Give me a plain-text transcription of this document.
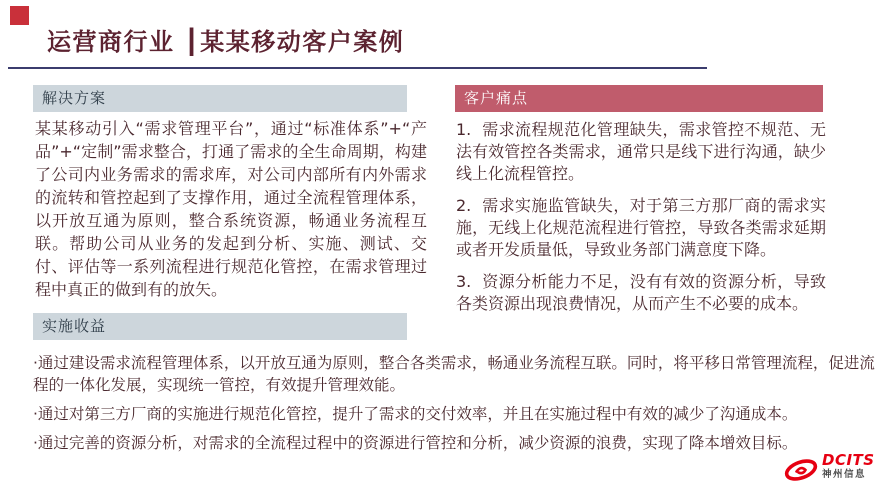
运营商行业 ┃某某移动客户案例
解决方案

某某移动引入“需求管理平台”，通过“标准体系”+“产品”+“定制”需求整合，打通了需求的全生命周期，构建了公司内业务需求的需求库，对公司内部所有内外需求的流转和管控起到了支撑作用，通过全流程管理体系，以开放互通为原则，整合系统资源，畅通业务流程互联。帮助公司从业务的发起到分析、实施、测试、交付、评估等一系列流程进行规范化管控，在需求管理过程中真正的做到有的放矢。

客户痛点

1.  需求流程规范化管理缺失，需求管控不规范、无法有效管控各类需求，通常只是线下进行沟通，缺少线上化流程管控。

2.  需求实施监管缺失，对于第三方那厂商的需求实施，无线上化规范流程进行管控，导致各类需求延期或者开发质量低，导致业务部门满意度下降。

3.  资源分析能力不足，没有有效的资源分析，导致各类资源出现浪费情况，从而产生不必要的成本。

实施收益

·通过建设需求流程管理体系，以开放互通为原则，整合各类需求，畅通业务流程互联。同时，将平移日常管理流程，促进流程的一体化发展，实现统一管控，有效提升管理效能。

·通过对第三方厂商的实施进行规范化管控，提升了需求的交付效率，并且在实施过程中有效的减少了沟通成本。

·通过完善的资源分析，对需求的全流程过程中的资源进行管控和分析，减少资源的浪费，实现了降本增效目标。

DCITS
神州信息
